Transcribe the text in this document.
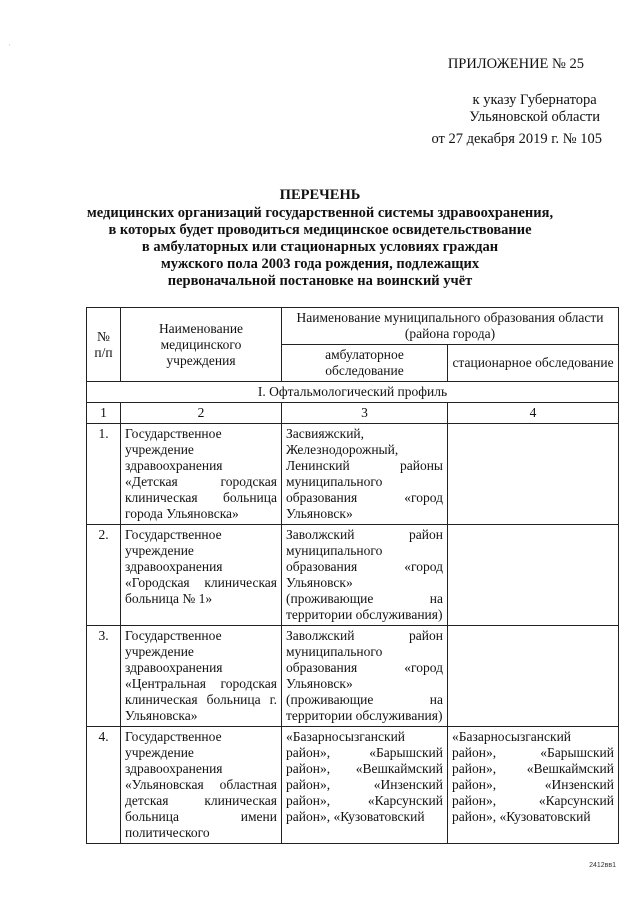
·
ПРИЛОЖЕНИЕ № 25
к указу Губернатора
Ульяновской области
от 27 декабря 2019 г. № 105
ПЕРЕЧЕНЬ
медицинских организаций государственной системы здравоохранения,
в которых будет проводиться медицинское освидетельствование
в амбулаторных или стационарных условиях граждан
мужского пола 2003 года рождения, подлежащих
первоначальной постановке на воинский учёт
№ п/п	Наименование медицинского учреждения	Наименование муниципального образования области (района города)	
		амбулаторное обследование	стационарное обследование
I. Офтальмологический профиль			
1	2	3	4
1.	Государственное учреждение здравоохранения «Детская городская клиническая больница города Ульяновска»	Засвияжский, Железнодорожный, Ленинский районы муниципального образования «город Ульяновск»	
2.	Государственное учреждение здравоохранения «Городская клиническая больница № 1»	Заволжский район муниципального образования «город Ульяновск» (проживающие на территории обслуживания)	
3.	Государственное учреждение здравоохранения «Центральная городская клиническая больница г. Ульяновска»	Заволжский район муниципального образования «город Ульяновск» (проживающие на территории обслуживания)	
4.	Государственное учреждение здравоохранения «Ульяновская областная детская клиническая больница имени политического	«Базарносызганский район», «Барышский район», «Вешкаймский район», «Инзенский район», «Карсунский район», «Кузоватовский	«Базарносызганский район», «Барышский район», «Вешкаймский район», «Инзенский район», «Карсунский район», «Кузоватовский
2412вв1
